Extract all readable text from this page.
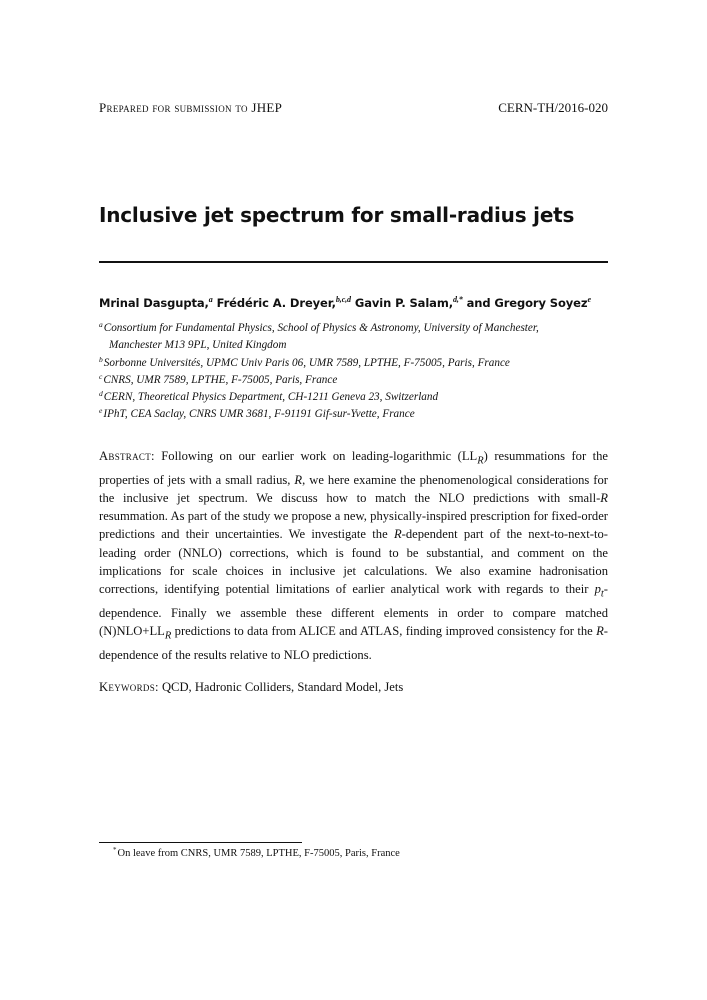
Prepared for submission to JHEP	CERN-TH/2016-020
Inclusive jet spectrum for small-radius jets
Mrinal Dasgupta,$^a$ Frédéric A. Dreyer,$^{b,c,d}$ Gavin P. Salam,$^{d,*}$ and Gregory Soyez$^e$
$^a$Consortium for Fundamental Physics, School of Physics & Astronomy, University of Manchester,
Manchester M13 9PL, United Kingdom
$^b$Sorbonne Universités, UPMC Univ Paris 06, UMR 7589, LPTHE, F-75005, Paris, France
$^c$CNRS, UMR 7589, LPTHE, F-75005, Paris, France
$^d$CERN, Theoretical Physics Department, CH-1211 Geneva 23, Switzerland
$^e$IPhT, CEA Saclay, CNRS UMR 3681, F-91191 Gif-sur-Yvette, France

Abstract: Following on our earlier work on leading-logarithmic $(LL_R)$ resummations for the properties of jets with a small radius, R, we here examine the phenomenological considerations for the inclusive jet spectrum. We discuss how to match the NLO predictions with small-R resummation. As part of the study we propose a new, physically-inspired prescription for fixed-order predictions and their uncertainties. We investigate the R-dependent part of the next-to-next-to-leading order (NNLO) corrections, which is found to be substantial, and comment on the implications for scale choices in inclusive jet calculations. We also examine hadronisation corrections, identifying potential limitations of earlier analytical work with regards to their $p_t$-dependence. Finally we assemble these different elements in order to compare matched $(N)NLO+LL_R$ predictions to data from ALICE and ATLAS, finding improved consistency for the R-dependence of the results relative to NLO predictions.

Keywords: QCD, Hadronic Colliders, Standard Model, Jets

*On leave from CNRS, UMR 7589, LPTHE, F-75005, Paris, France
